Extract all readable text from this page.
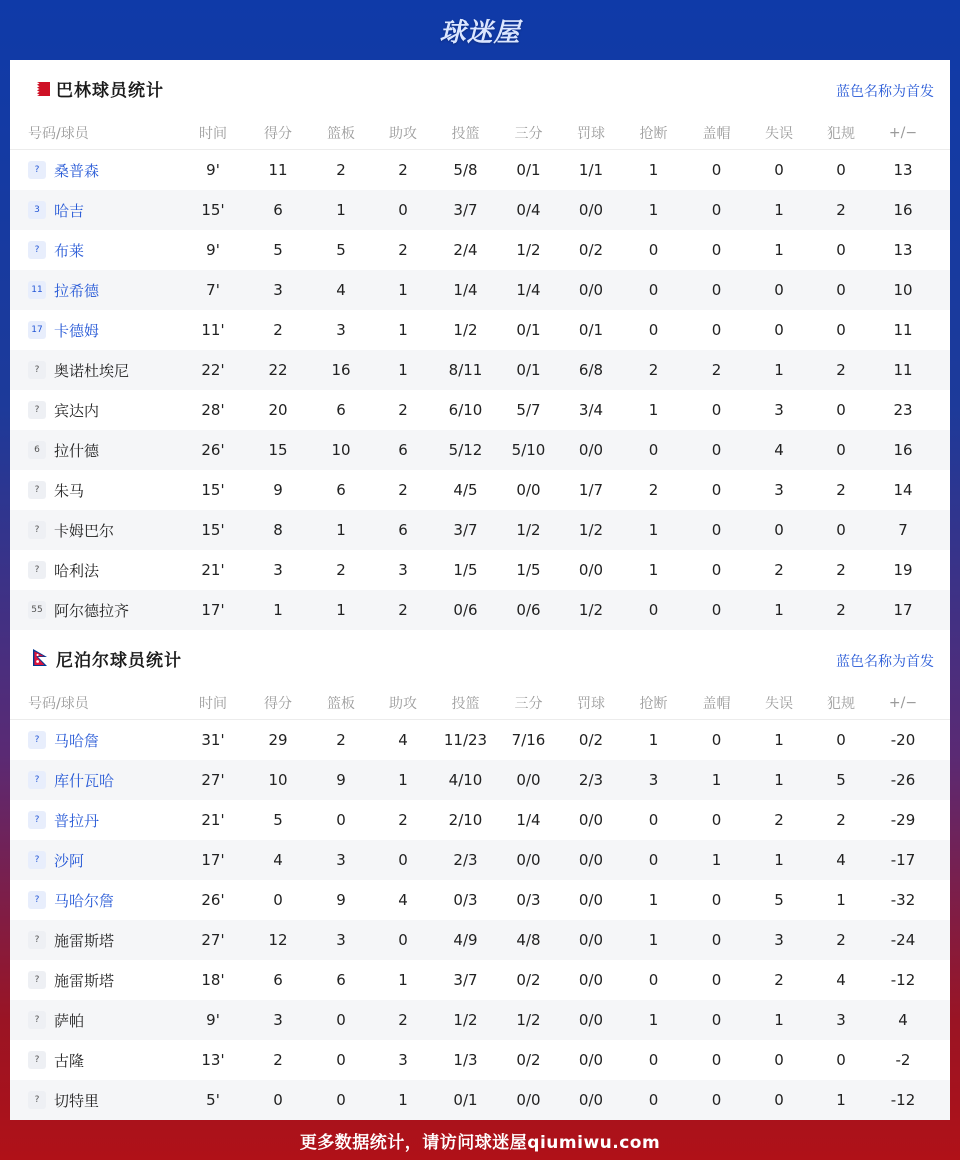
球迷屋
巴林球员统计	蓝色名称为首发
号码/球员	时间	得分	篮板	助攻	投篮	三分	罚球	抢断	盖帽	失误	犯规	+/−
? 桑普森	9'	11	2	2	5/8	0/1	1/1	1	0	0	0	13
3 哈吉	15'	6	1	0	3/7	0/4	0/0	1	0	1	2	16
? 布莱	9'	5	5	2	2/4	1/2	0/2	0	0	1	0	13
11 拉希德	7'	3	4	1	1/4	1/4	0/0	0	0	0	0	10
17 卡德姆	11'	2	3	1	1/2	0/1	0/1	0	0	0	0	11
? 奥诺杜埃尼	22'	22	16	1	8/11	0/1	6/8	2	2	1	2	11
? 宾达内	28'	20	6	2	6/10	5/7	3/4	1	0	3	0	23
6 拉什德	26'	15	10	6	5/12	5/10	0/0	0	0	4	0	16
? 朱马	15'	9	6	2	4/5	0/0	1/7	2	0	3	2	14
? 卡姆巴尔	15'	8	1	6	3/7	1/2	1/2	1	0	0	0	7
? 哈利法	21'	3	2	3	1/5	1/5	0/0	1	0	2	2	19
55 阿尔德拉齐	17'	1	1	2	0/6	0/6	1/2	0	0	1	2	17
尼泊尔球员统计	蓝色名称为首发
号码/球员	时间	得分	篮板	助攻	投篮	三分	罚球	抢断	盖帽	失误	犯规	+/−
? 马哈詹	31'	29	2	4	11/23	7/16	0/2	1	0	1	0	-20
? 库什瓦哈	27'	10	9	1	4/10	0/0	2/3	3	1	1	5	-26
? 普拉丹	21'	5	0	2	2/10	1/4	0/0	0	0	2	2	-29
? 沙阿	17'	4	3	0	2/3	0/0	0/0	0	1	1	4	-17
? 马哈尔詹	26'	0	9	4	0/3	0/3	0/0	1	0	5	1	-32
? 施雷斯塔	27'	12	3	0	4/9	4/8	0/0	1	0	3	2	-24
? 施雷斯塔	18'	6	6	1	3/7	0/2	0/0	0	0	2	4	-12
? 萨帕	9'	3	0	2	1/2	1/2	0/0	1	0	1	3	4
? 古隆	13'	2	0	3	1/3	0/2	0/0	0	0	0	0	-2
? 切特里	5'	0	0	1	0/1	0/0	0/0	0	0	0	1	-12
更多数据统计，请访问球迷屋qiumiwu.com
